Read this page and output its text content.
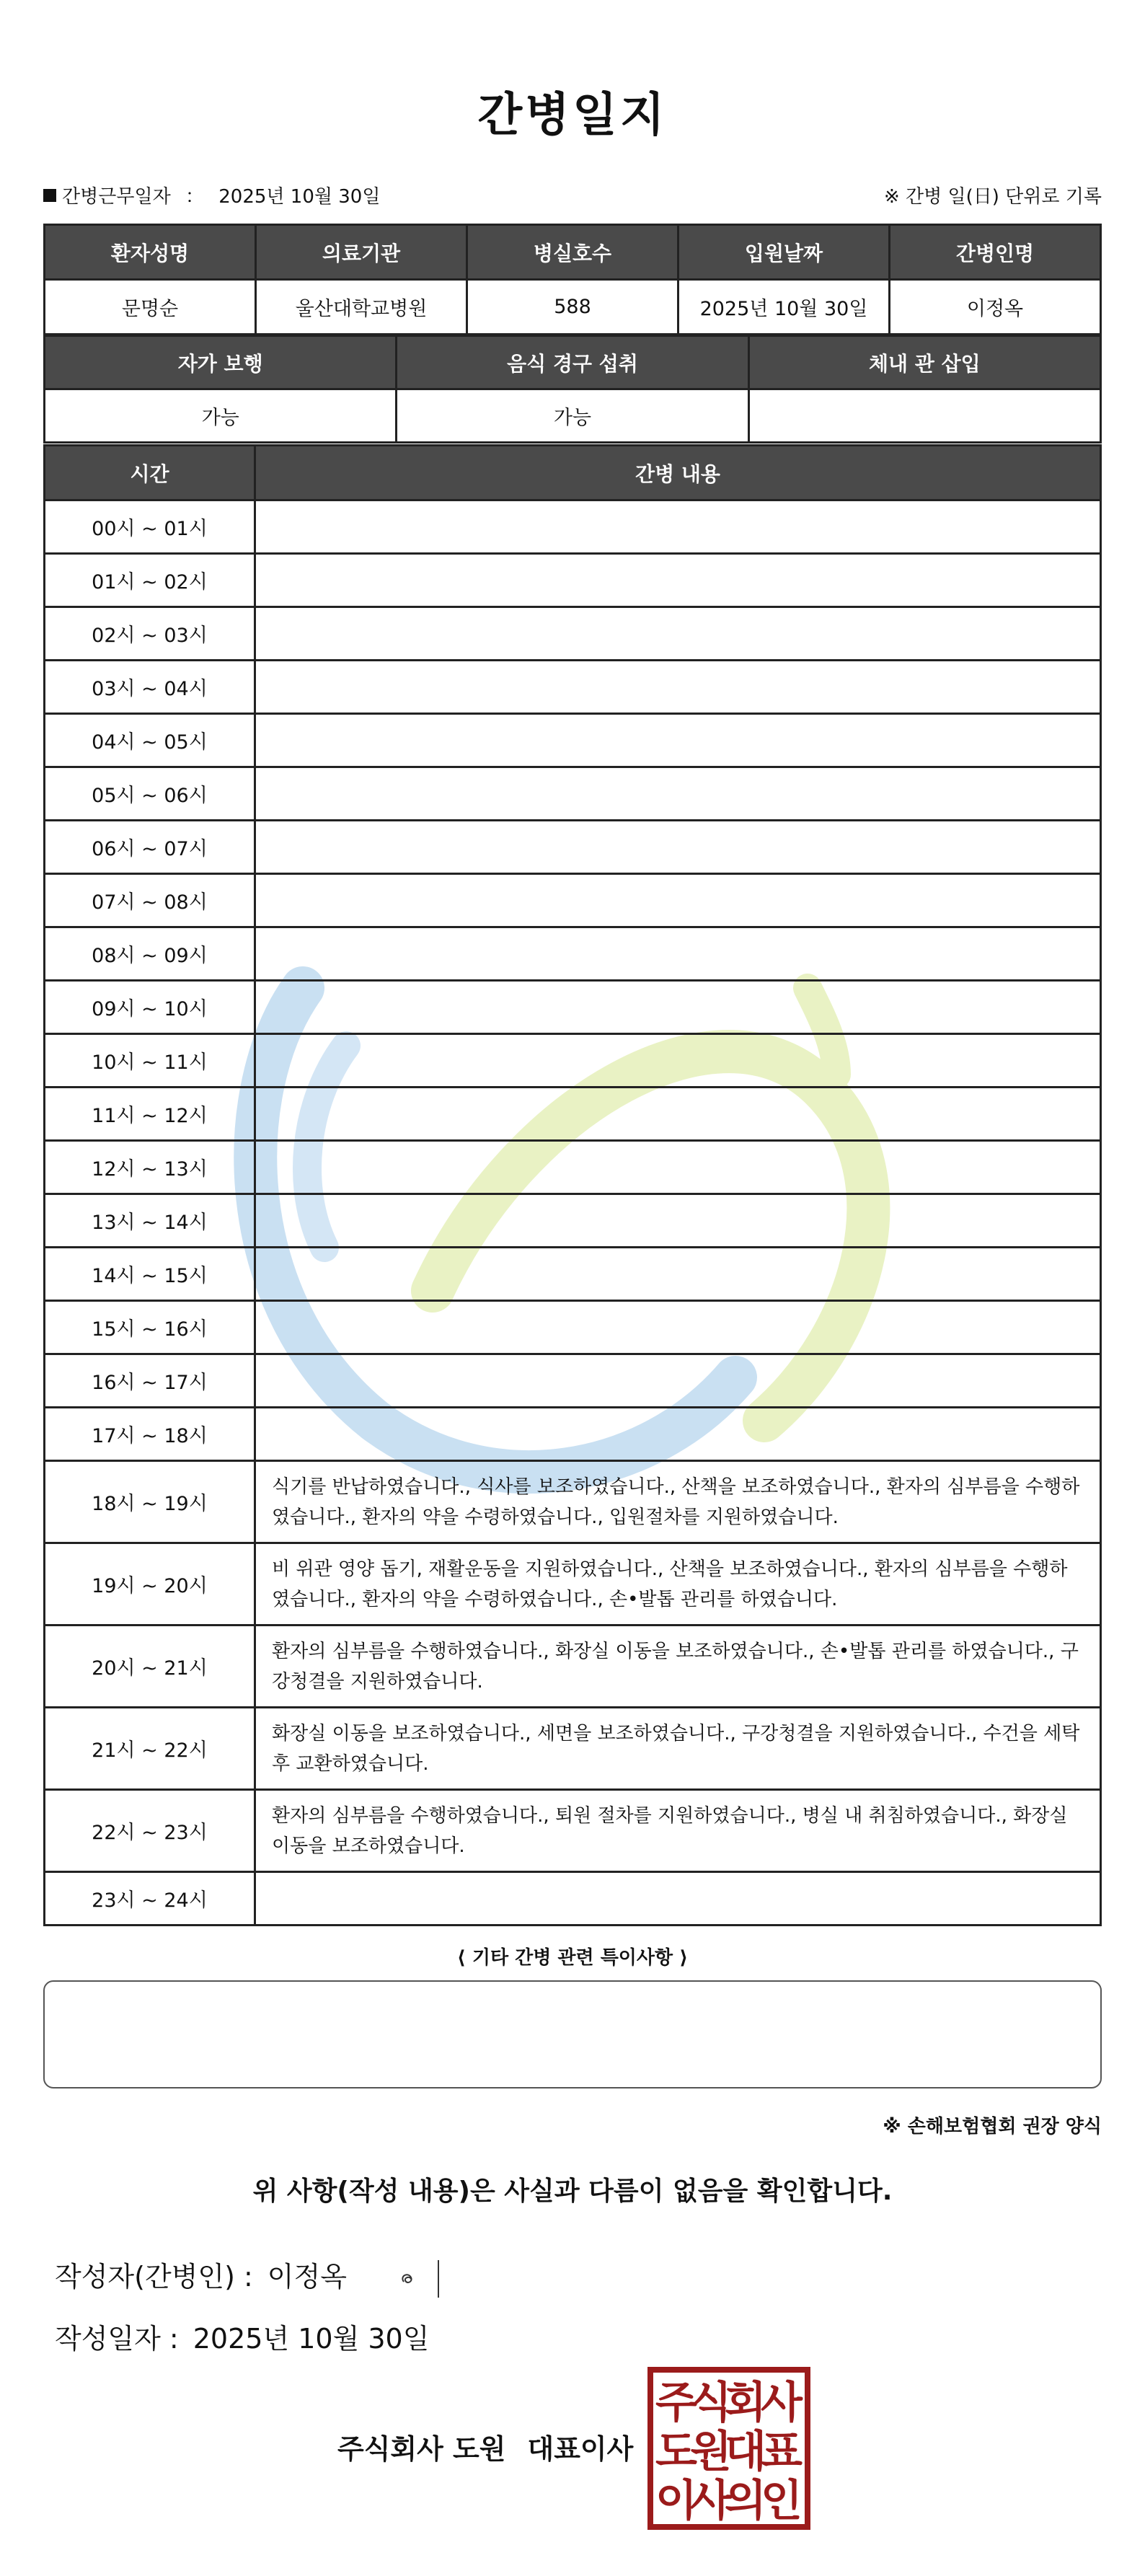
간병일지
간병근무일자 ： 2025년 10월 30일	※ 간병 일(日) 단위로 기록
환자성명	의료기관	병실호수	입원날짜	간병인명
문명순	울산대학교병원	588	2025년 10월 30일	이정옥
자가 보행	음식 경구 섭취	체내 관 삽입
가능	가능	
시간	간병 내용
00시 ~ 01시	
01시 ~ 02시	
02시 ~ 03시	
03시 ~ 04시	
04시 ~ 05시	
05시 ~ 06시	
06시 ~ 07시	
07시 ~ 08시	
08시 ~ 09시	
09시 ~ 10시	
10시 ~ 11시	
11시 ~ 12시	
12시 ~ 13시	
13시 ~ 14시	
14시 ~ 15시	
15시 ~ 16시	
16시 ~ 17시	
17시 ~ 18시	
18시 ~ 19시	식기를 반납하였습니다., 식사를 보조하였습니다., 산책을 보조하였습니다., 환자의 심부름을 수행하였습니다., 환자의 약을 수령하였습니다., 입원절차를 지원하였습니다.
19시 ~ 20시	비 위관 영양 돕기, 재활운동을 지원하였습니다., 산책을 보조하였습니다., 환자의 심부름을 수행하였습니다., 환자의 약을 수령하였습니다., 손•발톱 관리를 하였습니다.
20시 ~ 21시	환자의 심부름을 수행하였습니다., 화장실 이동을 보조하였습니다., 손•발톱 관리를 하였습니다., 구강청결을 지원하였습니다.
21시 ~ 22시	화장실 이동을 보조하였습니다., 세면을 보조하였습니다., 구강청결을 지원하였습니다., 수건을 세탁 후 교환하였습니다.
22시 ~ 23시	환자의 심부름을 수행하였습니다., 퇴원 절차를 지원하였습니다., 병실 내 취침하였습니다., 화장실 이동을 보조하였습니다.
23시 ~ 24시	
⟨ 기타 간병 관련 특이사항 ⟩
※ 손해보험협회 권장 양식
위 사항(작성 내용)은 사실과 다름이 없음을 확인합니다.
작성자(간병인) : 이정옥
작성일자 : 2025년 10월 30일
주식회사 도원 대표이사
주
식
회
사
도
원
대
표
이
사
의
인
